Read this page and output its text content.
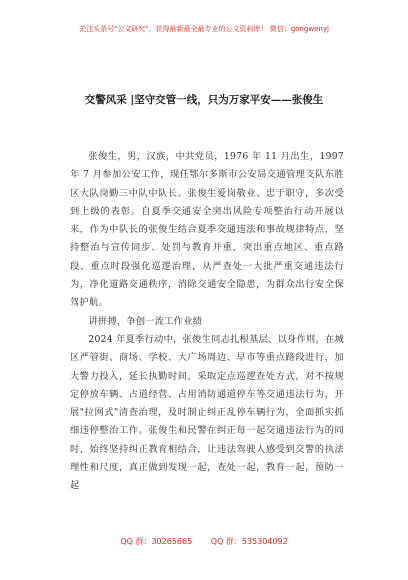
关注头条号"公文研究"，获得最新最全最专业的公文资料库！ 微信：gongwenyj
交警风采 |坚守交管一线，只为万家平安——张俊生

张俊生，男，汉族，中共党员，1976 年 11 月出生，1997 年 7 月参加公安工作，现任鄂尔多斯市公安局交通管理支队东胜区大队岗勤三中队中队长。张俊生爱岗敬业、忠于职守，多次受到上级的表彰。自夏季交通安全突出风险专项整治行动开展以来，作为中队长的张俊生结合夏季交通违法和事故规律特点，坚持整治与宣传同步、处罚与教育并重，突出重点地区、重点路段、重点时段强化巡逻治理，从严查处一大批严重交通违法行为，净化道路交通秩序，消除交通安全隐患，为群众出行安全保驾护航。

讲拼搏，争创一流工作业绩

2024 年夏季行动中，张俊生同志扎根基层、以身作则，在城区严管街、商场、学校、大广场周边、早市等重点路段进行，加大警力投入，延长执勤时间，采取定点巡逻查处方式，对不按规定停放车辆、占道经营、占用消防通道停车等交通违法行为，开展"拉网式"清查治理，及时制止纠正乱停车辆行为，全面抓实抓细违停整治工作。张俊生和民警在纠正每一起交通违法行为的同时，始终坚持纠正教育相结合，让违法驾驶人感受到交警的执法理性和尺度，真正做到发现一起，查处一起，教育一起，预防一起

QQ 群：30265665 QQ 群：535304092
